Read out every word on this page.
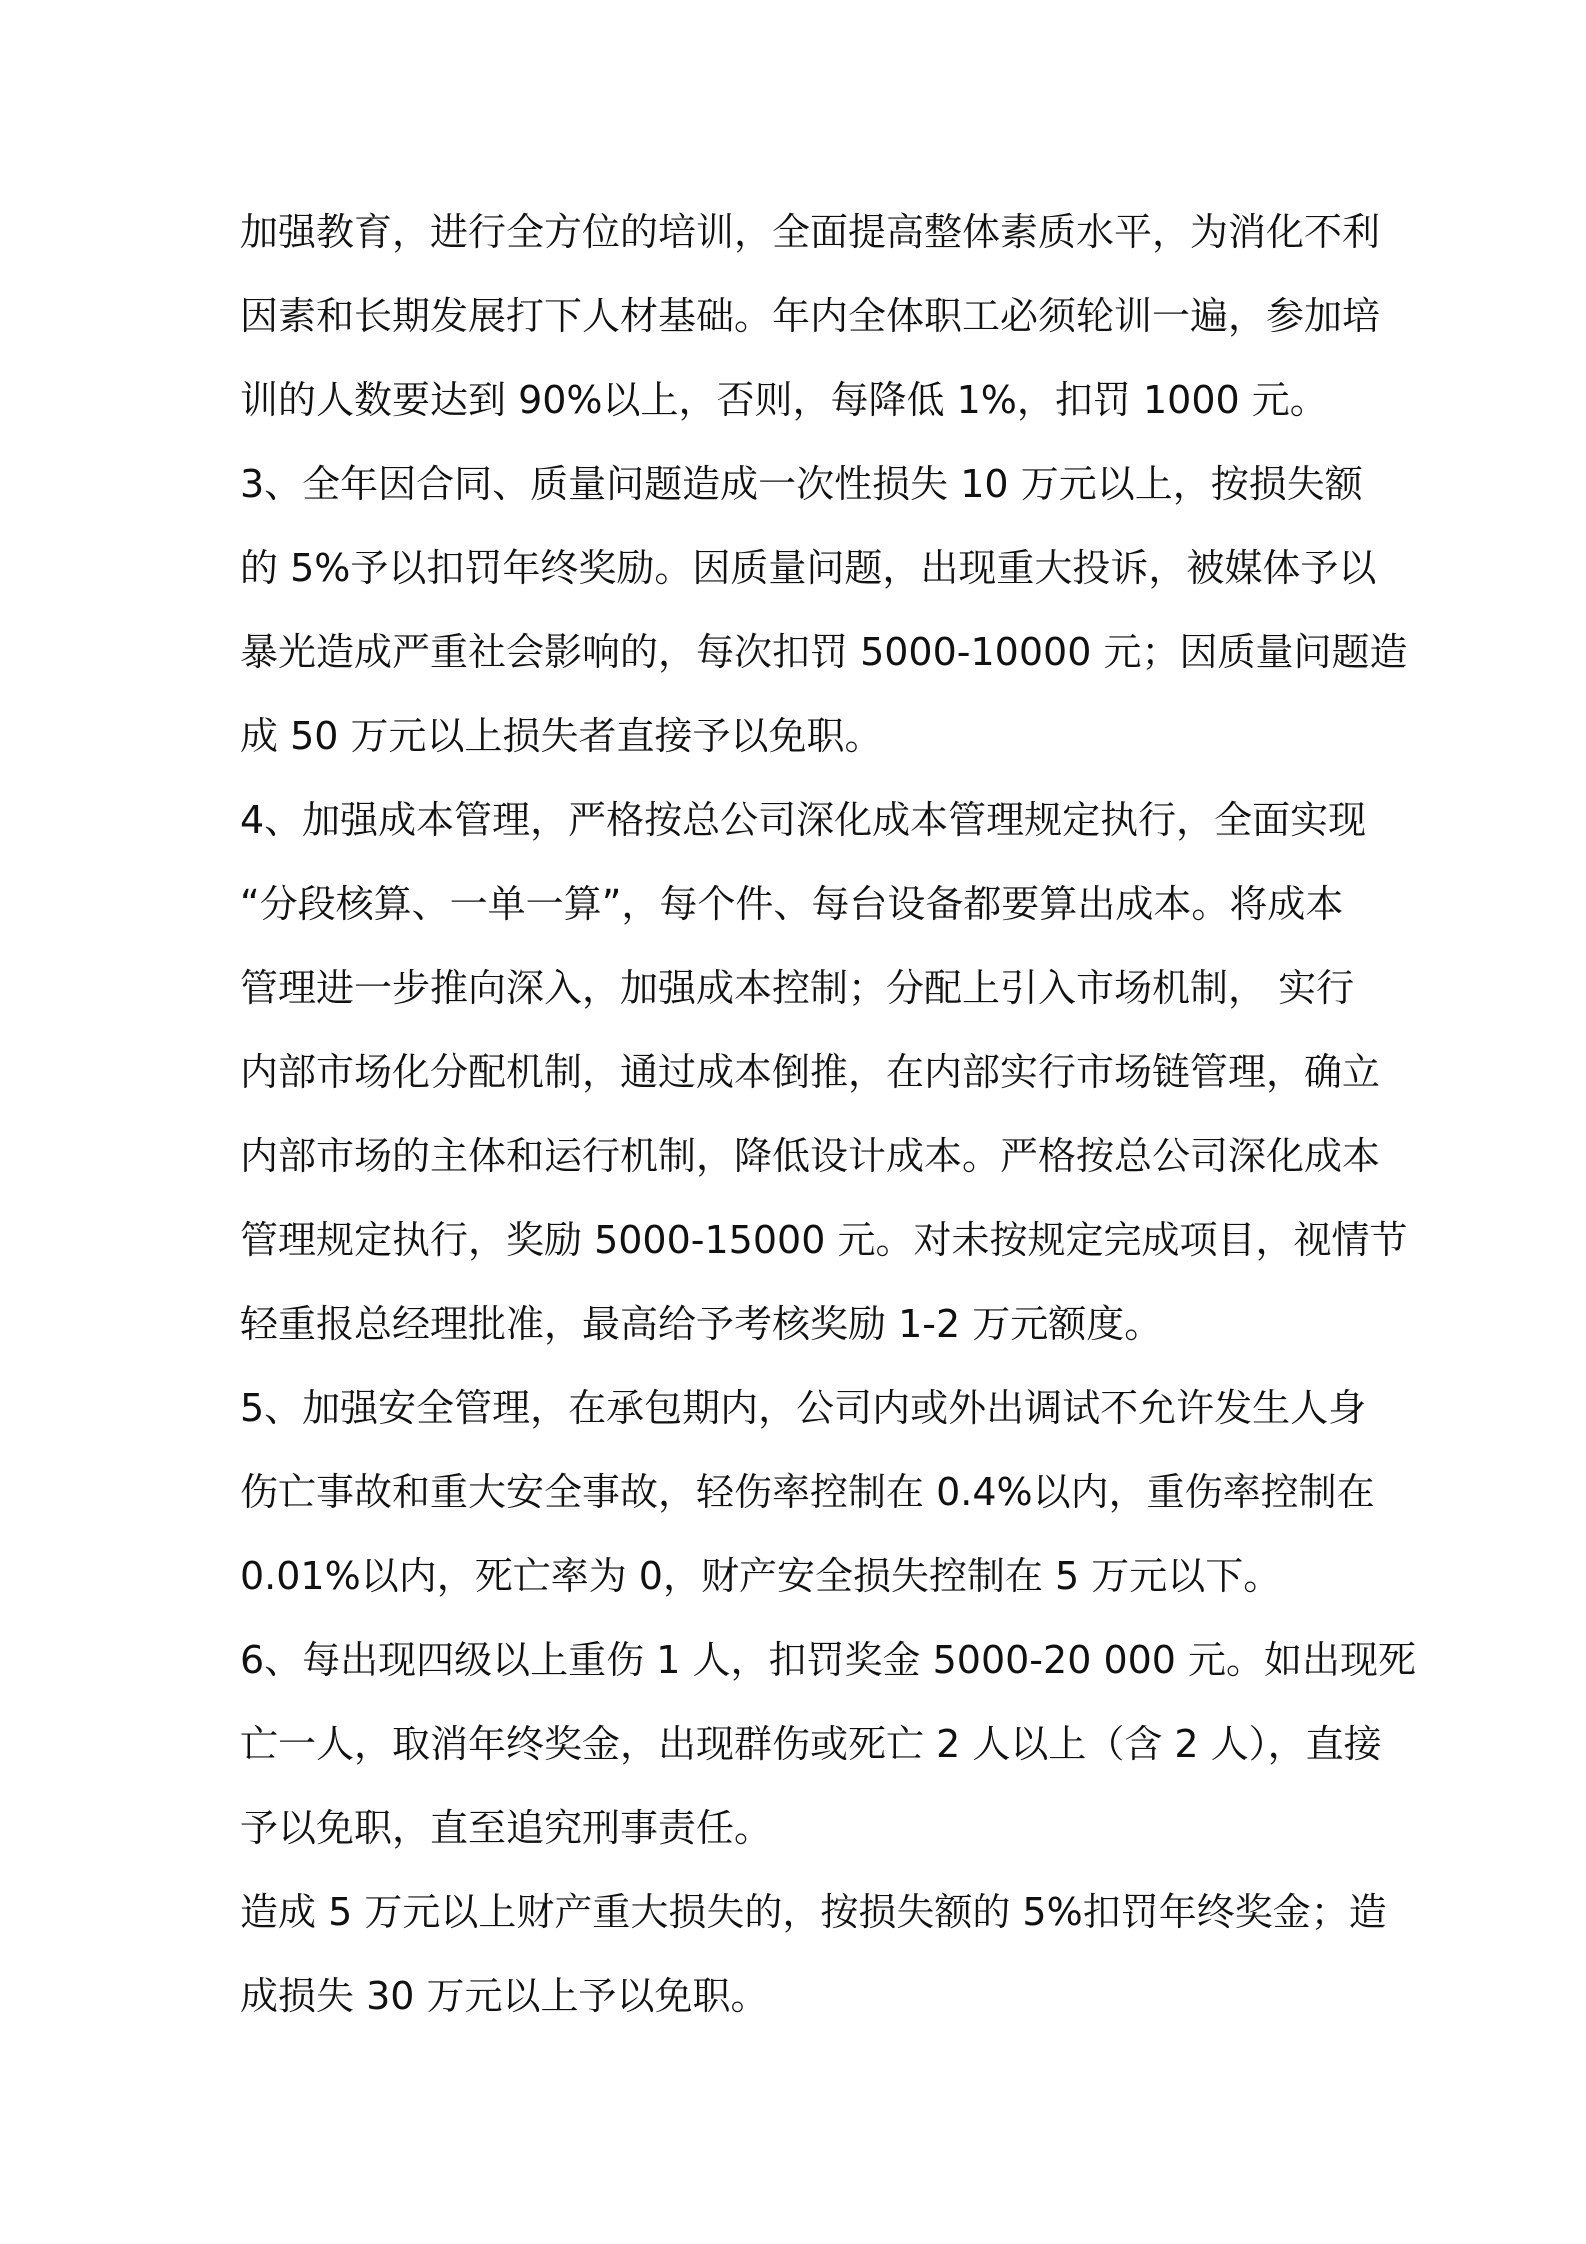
加强教育，进行全方位的培训，全面提高整体素质水平，为消化不利
因素和长期发展打下人材基础。年内全体职工必须轮训一遍，参加培
训的人数要达到 90%以上，否则，每降低 1%，扣罚 1000 元。
3、全年因合同、质量问题造成一次性损失 10 万元以上，按损失额
的 5%予以扣罚年终奖励。因质量问题，出现重大投诉，被媒体予以
暴光造成严重社会影响的，每次扣罚 5000-10000 元；因质量问题造
成 50 万元以上损失者直接予以免职。
4、加强成本管理，严格按总公司深化成本管理规定执行，全面实现
“分段核算、一单一算”，每个件、每台设备都要算出成本。将成本
管理进一步推向深入，加强成本控制；分配上引入市场机制， 实行
内部市场化分配机制，通过成本倒推，在内部实行市场链管理，确立
内部市场的主体和运行机制，降低设计成本。严格按总公司深化成本
管理规定执行，奖励 5000-15000 元。对未按规定完成项目，视情节
轻重报总经理批准，最高给予考核奖励 1-2 万元额度。
5、加强安全管理，在承包期内，公司内或外出调试不允许发生人身
伤亡事故和重大安全事故，轻伤率控制在 0.4%以内，重伤率控制在
0.01%以内，死亡率为 0，财产安全损失控制在 5 万元以下。
6、每出现四级以上重伤 1 人，扣罚奖金 5000-20 000 元。如出现死
亡一人，取消年终奖金，出现群伤或死亡 2 人以上（含 2 人），直接
予以免职，直至追究刑事责任。
造成 5 万元以上财产重大损失的，按损失额的 5%扣罚年终奖金；造
成损失 30 万元以上予以免职。
